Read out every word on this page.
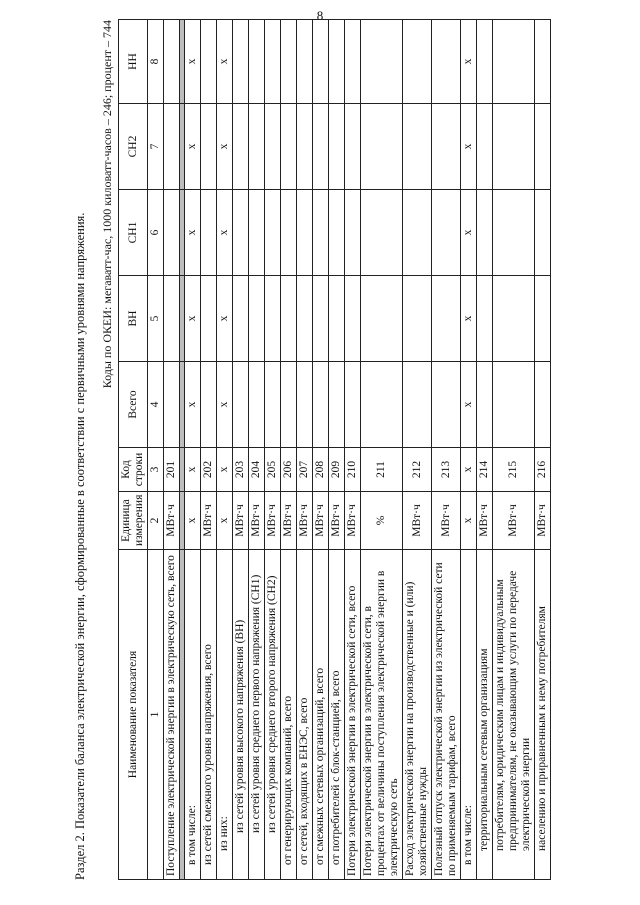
8
Раздел 2. Показатели баланса электрической энергии, сформированные в соответствии с первичными уровнями напряжения.
Коды по ОКЕИ: мегаватт-час, 1000 киловатт-часов – 246; процент – 744
Наименование показателя	Единица измерения	Код строки	Всего	ВН	СН1	СН2	НН
1	2	3	4	5	6	7	8
Поступление электрической энергии в электрическую сеть, всего	МВт·ч	201					

в том числе:	x	x	x	x	x	x	x
из сетей смежного уровня напряжения, всего	МВт·ч	202					
из них:	x	x	x	x	x	x	x
из сетей уровня высокого напряжения (ВН)	МВт·ч	203					
из сетей уровня среднего первого напряжения (СН1)	МВт·ч	204					
из сетей уровня среднего второго напряжения (СН2)	МВт·ч	205					
от генерирующих компаний, всего	МВт·ч	206					
от сетей, входящих в ЕНЭС, всего	МВт·ч	207					
от смежных сетевых организаций, всего	МВт·ч	208					
от потребителей с блок-станцией, всего	МВт·ч	209					
Потери электрической энергии в электрической сети, всего	МВт·ч	210					
Потери электрической энергии в электрической сети, в процентах от величины поступления электрической энергии в электрическую сеть	%	211					
Расход электрической энергии на производственные и (или) хозяйственные нужды	МВт·ч	212					
Полезный отпуск электрической энергии из электрической сети по применяемым тарифам, всего	МВт·ч	213					
в том числе:	x	x	x	x	x	x	x
территориальным сетевым организациям	МВт·ч	214					
потребителям, юридическим лицам и индивидуальным предпринимателям, не оказывающим услуги по передаче электрической энергии	МВт·ч	215					
населению и приравненным к нему потребителям	МВт·ч	216					
